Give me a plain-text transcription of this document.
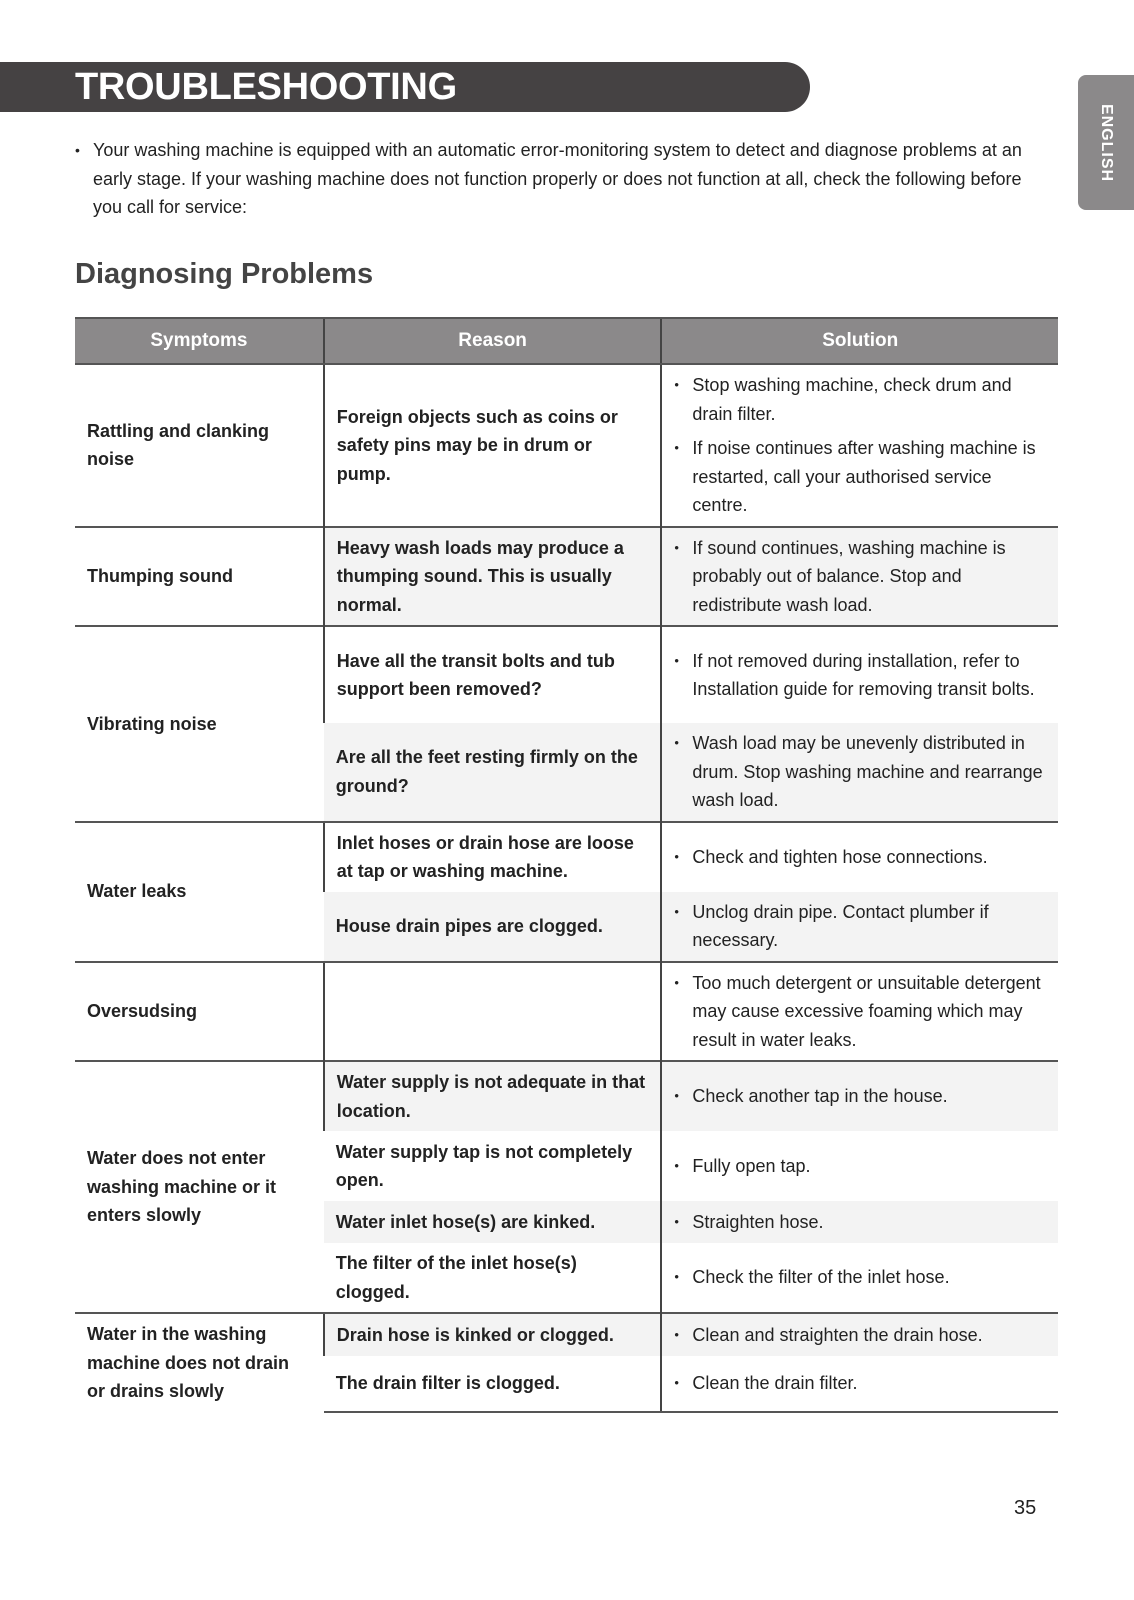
TROUBLESHOOTING
ENGLISH
• Your washing machine is equipped with an automatic error-monitoring system to detect and diagnose problems at an early stage. If your washing machine does not function properly or does not function at all, check the following before you call for service:

Diagnosing Problems
Symptoms	Reason	Solution
Rattling and clanking noise	Foreign objects such as coins or safety pins may be in drum or pump.	• Stop washing machine, check drum and drain filter.
• If noise continues after washing machine is restarted, call your authorised service centre.

Thumping sound	Heavy wash loads may produce a thumping sound. This is usually normal.	• If sound continues, washing machine is probably out of balance. Stop and redistribute wash load.

Vibrating noise	Have all the transit bolts and tub support been removed?	• If not removed during installation, refer to Installation guide for removing transit bolts.

	Are all the feet resting firmly on the ground?	• Wash load may be unevenly distributed in drum. Stop washing machine and rearrange wash load.

Water leaks	Inlet hoses or drain hose are loose at tap or washing machine.	• Check and tighten hose connections.

	House drain pipes are clogged.	• Unclog drain pipe. Contact plumber if necessary.

Oversudsing		• Too much detergent or unsuitable detergent may cause excessive foaming which may result in water leaks.

Water does not enter washing machine or it enters slowly	Water supply is not adequate in that location.	• Check another tap in the house.

	Water supply tap is not completely open.	• Fully open tap.

	Water inlet hose(s) are kinked.	• Straighten hose.

	The filter of the inlet hose(s) clogged.	• Check the filter of the inlet hose.

Water in the washing machine does not drain or drains slowly	Drain hose is kinked or clogged.	• Clean and straighten the drain hose.

	The drain filter is clogged.	• Clean the drain filter.
35
